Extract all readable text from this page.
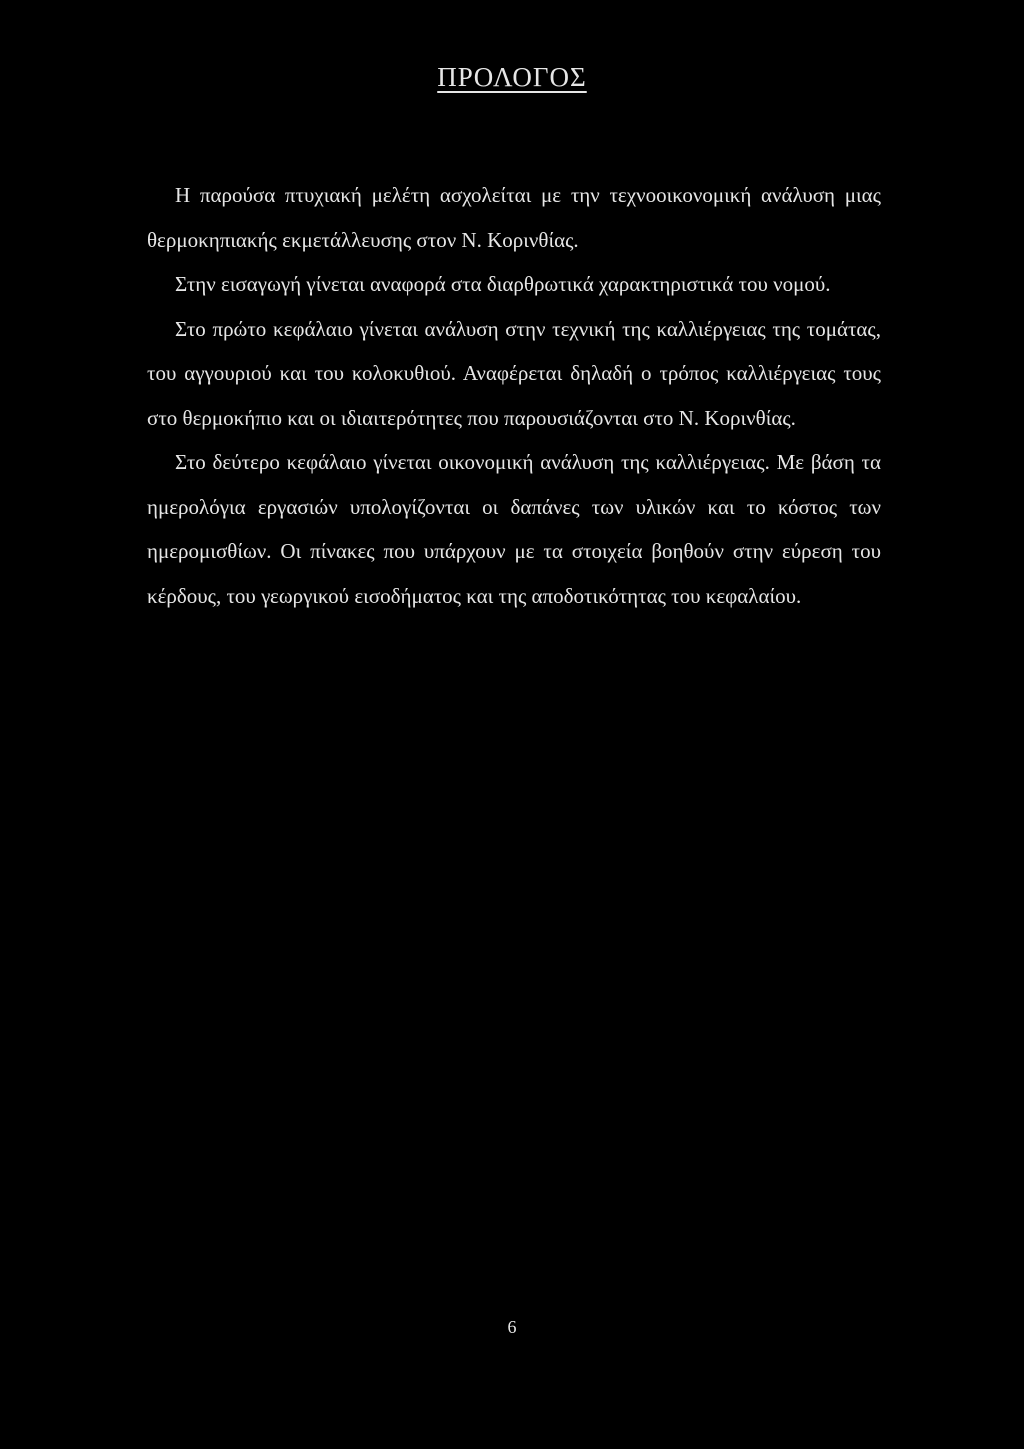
ΠΡΟΛΟΓΟΣ

Η παρούσα πτυχιακή μελέτη ασχολείται με την τεχνοοικονομική ανάλυση μιας θερμοκηπιακής εκμετάλλευσης στον Ν. Κορινθίας.

Στην εισαγωγή γίνεται αναφορά στα διαρθρωτικά χαρακτηριστικά του νομού.

Στο πρώτο κεφάλαιο γίνεται ανάλυση στην τεχνική της καλλιέργειας της τομάτας, του αγγουριού και του κολοκυθιού. Αναφέρεται δηλαδή ο τρόπος καλλιέργειας τους στο θερμοκήπιο και οι ιδιαιτερότητες που παρουσιάζονται στο Ν. Κορινθίας.

Στο δεύτερο κεφάλαιο γίνεται οικονομική ανάλυση της καλλιέργειας. Με βάση τα ημερολόγια εργασιών υπολογίζονται οι δαπάνες των υλικών και το κόστος των ημερομισθίων. Οι πίνακες που υπάρχουν με τα στοιχεία βοηθούν στην εύρεση του κέρδους, του γεωργικού εισοδήματος και της αποδοτικότητας του κεφαλαίου.

6
